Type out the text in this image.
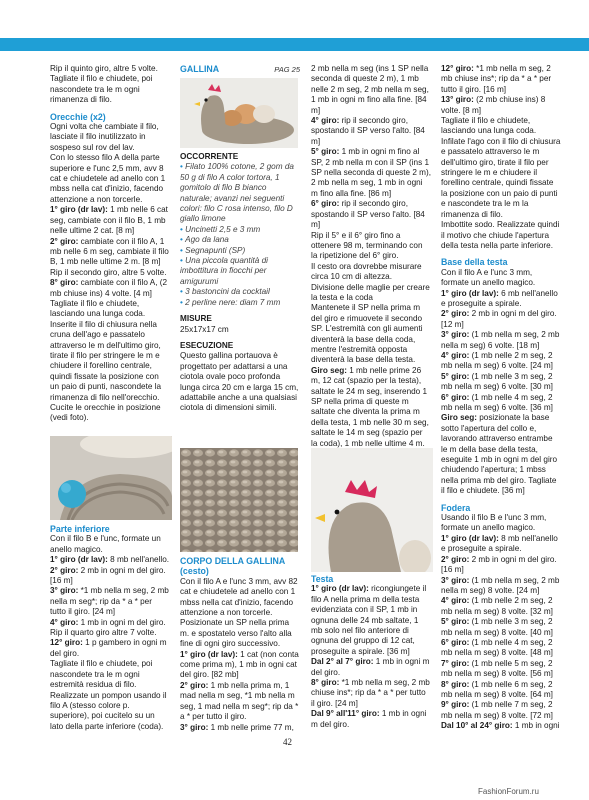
Rip il quinto giro, altre 5 volte. Tagliate il filo e chiudete, poi nascondete tra le m ogni rimanenza di filo.

Orecchie (x2)

Ogni volta che cambiate il filo, lasciate il filo inutilizzato in sospeso sul rov del lav.

Con lo stesso filo A della parte superiore e l'unc 2,5 mm, avv 8 cat e chiudetele ad anello con 1 mbss nella cat d'inizio, facendo attenzione a non torcerle.

1° giro (dr lav): 1 mb nelle 6 cat seg, cambiate con il filo B, 1 mb nelle ultime 2 cat. [8 m]

2° giro: cambiate con il filo A, 1 mb nelle 6 m seg, cambiate il filo B, 1 mb nelle ultime 2 m. [8 m]

Rip il secondo giro, altre 5 volte.

8° giro: cambiate con il filo A, (2 mb chiuse ins) 4 volte. [4 m]

Tagliate il filo e chiudete, lasciando una lunga coda.

Inserite il filo di chiusura nella cruna dell'ago e passatelo attraverso le m dell'ultimo giro, tirate il filo per stringere le m e chiudere il forellino centrale, quindi fissate la posizione con un paio di punti, nascondete la rimanenza di filo nell'orecchio.

Cucite le orecchie in posizione (vedi foto).

Parte inferiore

Con il filo B e l'unc, formate un anello magico.

1° giro (dr lav): 8 mb nell'anello.

2° giro: 2 mb in ogni m del giro. [16 m]

3° giro: *1 mb nella m seg, 2 mb nella m seg*; rip da * a * per tutto il giro. [24 m]

4° giro: 1 mb in ogni m del giro.

Rip il quarto giro altre 7 volte.

12° giro: 1 p gambero in ogni m del giro.

Tagliate il filo e chiudete, poi nascondete tra le m ogni estremità residua di filo.

Realizzate un pompon usando il filo A (stesso colore p. superiore), poi cucitelo su un lato della parte inferiore (coda).

GALLINA	PAG 25

OCCORRENTE

• Filato 100% cotone, 2 gom da 50 g di filo A color tortora, 1 gomitolo di filo B bianco naturale; avanzi nei seguenti colori: filo C rosa intenso, filo D giallo limone

• Uncinetti 2,5 e 3 mm

• Ago da lana

• Segnapunti (SP)

• Una piccola quantità di imbottitura in fiocchi per amigurumi

• 3 bastoncini da cocktail

• 2 perline nere: diam 7 mm

MISURE

25x17x17 cm

ESECUZIONE

Questo gallina portauova è progettato per adattarsi a una ciotola ovale poco profonda lunga circa 20 cm e larga 15 cm, adattabile anche a una qualsiasi ciotola di dimensioni simili.

CORPO DELLA GALLINA (cesto)

Con il filo A e l'unc 3 mm, avv 82 cat e chiudetele ad anello con 1 mbss nella cat d'inizio, facendo attenzione a non torcerle. Posizionate un SP nella prima m. e spostatelo verso l'alto alla fine di ogni giro successivo.

1° giro (dr lav): 1 cat (non conta come prima m), 1 mb in ogni cat del giro. [82 mb]

2° giro: 1 mb nella prima m, 1 mad nella m seg, *1 mb nella m seg, 1 mad nella m seg*; rip da * a * per tutto il giro.

3° giro: 1 mb nelle prime 77 m,

2 mb nella m seg (ins 1 SP nella seconda di queste 2 m), 1 mb nelle 2 m seg, 2 mb nella m seg, 1 mb in ogni m fino alla fine. [84 m]

4° giro: rip il secondo giro, spostando il SP verso l'alto. [84 m]

5° giro: 1 mb in ogni m fino al SP, 2 mb nella m con il SP (ins 1 SP nella seconda di queste 2 m), 2 mb nella m seg, 1 mb in ogni m fino alla fine. [86 m]

6° giro: rip il secondo giro, spostando il SP verso l'alto. [84 m]

Rip il 5° e il 6° giro fino a ottenere 98 m, terminando con la ripetizione del 6° giro.

Il cesto ora dovrebbe misurare circa 10 cm di altezza.

Divisione delle maglie per creare la testa e la coda

Mantenete il SP nella prima m del giro e rimuovete il secondo SP. L'estremità con gli aumenti diventerà la base della coda, mentre l'estremità opposta diventerà la base della testa.

Giro seg: 1 mb nelle prime 26 m, 12 cat (spazio per la testa), saltate le 24 m seg, inserendo 1 SP nella prima di queste m saltate che diventa la prima m della testa, 1 mb nelle 30 m seg, saltate le 14 m seg (spazio per la coda), 1 mb nelle ultime 4 m.

Testa

1° giro (dr lav): ricongiungete il filo A nella prima m della testa evidenziata con il SP, 1 mb in ognuna delle 24 mb saltate, 1 mb solo nel filo anteriore di ognuna del gruppo di 12 cat, proseguite a spirale. [36 m]

Dal 2° al 7° giro: 1 mb in ogni m del giro.

8° giro: *1 mb nella m seg, 2 mb chiuse ins*; rip da * a * per tutto il giro. [24 m]

Dal 9° all'11° giro: 1 mb in ogni m del giro.

12° giro: *1 mb nella m seg, 2 mb chiuse ins*; rip da * a * per tutto il giro. [16 m]

13° giro: (2 mb chiuse ins) 8 volte. [8 m]

Tagliate il filo e chiudete, lasciando una lunga coda. Infilate l'ago con il filo di chiusura e passatelo attraverso le m dell'ultimo giro, tirate il filo per stringere le m e chiudere il forellino centrale, quindi fissate la posizione con un paio di punti e nascondete tra le m la rimanenza di filo.

Imbottite sodo. Realizzate quindi il motivo che chiude l'apertura della testa nella parte inferiore.

Base della testa

Con il filo A e l'unc 3 mm, formate un anello magico.

1° giro (dr lav): 6 mb nell'anello e proseguite a spirale.

2° giro: 2 mb in ogni m del giro. [12 m]

3° giro: (1 mb nella m seg, 2 mb nella m seg) 6 volte. [18 m]

4° giro: (1 mb nelle 2 m seg, 2 mb nella m seg) 6 volte. [24 m]

5° giro: (1 mb nelle 3 m seg, 2 mb nella m seg) 6 volte. [30 m]

6° giro: (1 mb nelle 4 m seg, 2 mb nella m seg) 6 volte. [36 m]

Giro seg: posizionate la base sotto l'apertura del collo e, lavorando attraverso entrambe le m della base della testa, eseguite 1 mb in ogni m del giro chiudendo l'apertura; 1 mbss nella prima mb del giro. Tagliate il filo e chiudete. [36 m]

Fodera

Usando il filo B e l'unc 3 mm, formate un anello magico.

1° giro (dr lav): 8 mb nell'anello e proseguite a spirale.

2° giro: 2 mb in ogni m del giro. [16 m]

3° giro: (1 mb nella m seg, 2 mb nella m seg) 8 volte. [24 m]

4° giro: (1 mb nelle 2 m seg, 2 mb nella m seg) 8 volte. [32 m]

5° giro: (1 mb nelle 3 m seg, 2 mb nella m seg) 8 volte. [40 m]

6° giro: (1 mb nelle 4 m seg, 2 mb nella m seg) 8 volte. [48 m]

7° giro: (1 mb nelle 5 m seg, 2 mb nella m seg) 8 volte. [56 m]

8° giro: (1 mb nelle 6 m seg, 2 mb nella m seg) 8 volte. [64 m]

9° giro: (1 mb nelle 7 m seg, 2 mb nella m seg) 8 volte. [72 m]

Dal 10° al 24° giro: 1 mb in ogni

42
FashionForum.ru
